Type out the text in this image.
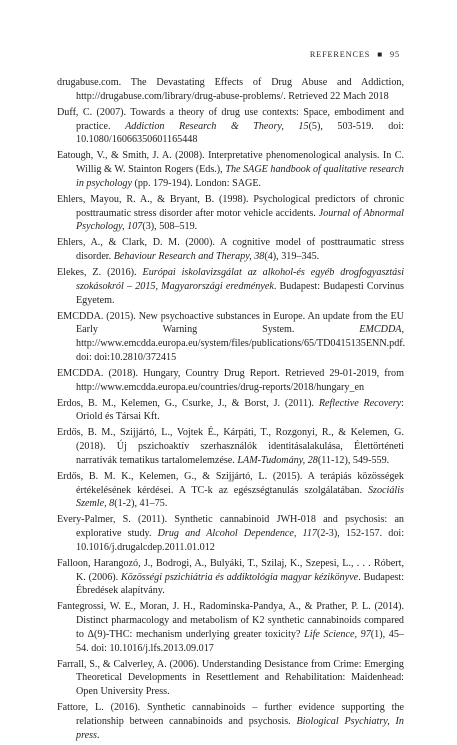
REFERENCES ■ 95

drugabuse.com. The Devastating Effects of Drug Abuse and Addiction, http://drugabuse.com/library/drug-abuse-problems/. Retrieved 22 Mach 2018

Duff, C. (2007). Towards a theory of drug use contexts: Space, embodiment and practice. Addiction Research & Theory, 15(5), 503-519. doi: 10.1080/16066350601165448

Eatough, V., & Smith, J. A. (2008). Interpretative phenomenological analysis. In C. Willig & W. Stainton Rogers (Eds.), The SAGE handbook of qualitative research in psychology (pp. 179-194). London: SAGE.

Ehlers, Mayou, R. A., & Bryant, B. (1998). Psychological predictors of chronic posttraumatic stress disorder after motor vehicle accidents. Journal of Abnormal Psychology, 107(3), 508–519.

Ehlers, A., & Clark, D. M. (2000). A cognitive model of posttraumatic stress disorder. Behaviour Research and Therapy, 38(4), 319–345.

Elekes, Z. (2016). Európai iskolavizsgálat az alkohol-és egyéb drogfogyasztási szokásokról – 2015, Magyarországi eredmények. Budapest: Budapesti Corvinus Egyetem.

EMCDDA. (2015). New psychoactive substances in Europe. An update from the EU Early Warning System. EMCDDA, http://www.emcdda.europa.eu/system/files/publications/65/TD0415135ENN.pdf. doi: doi:10.2810/372415

EMCDDA. (2018). Hungary, Country Drug Report. Retrieved 29-01-2019, from http://www.emcdda.europa.eu/countries/drug-reports/2018/hungary_en

Erdos, B. M., Kelemen, G., Csurke, J., & Borst, J. (2011). Reflective Recovery: Oriold és Társai Kft.

Erdős, B. M., Szijjártó, L., Vojtek É., Kárpáti, T., Rozgonyi, R., & Kelemen, G. (2018). Új pszichoaktív szerhasználók identitásalakulása, Élettörténeti narratívák tematikus tartalomelemzése. LAM-Tudomány, 28(11-12), 549-559.

Erdős, B. M. K., Kelemen, G., & Szijjártó, L. (2015). A terápiás közösségek értékelésének kérdései. A TC-k az egészségtanulás szolgálatában. Szociális Szemle, 8(1-2), 41–75.

Every-Palmer, S. (2011). Synthetic cannabinoid JWH-018 and psychosis: an explorative study. Drug and Alcohol Dependence, 117(2-3), 152-157. doi: 10.1016/j.drugalcdep.2011.01.012

Falloon, Harangozó, J., Bodrogi, A., Bulyáki, T., Szilaj, K., Szepesi, L., . . . Róbert, K. (2006). Közösségi pszichiátria és addiktológia magyar kézikönyve. Budapest: Ébredések alapítvány.

Fantegrossi, W. E., Moran, J. H., Radominska-Pandya, A., & Prather, P. L. (2014). Distinct pharmacology and metabolism of K2 synthetic cannabinoids compared to Δ(9)-THC: mechanism underlying greater toxicity? Life Science, 97(1), 45–54. doi: 10.1016/j.lfs.2013.09.017

Farrall, S., & Calverley, A. (2006). Understanding Desistance from Crime: Emerging Theoretical Developments in Resettlement and Rehabilitation: Maidenhead: Open University Press.

Fattore, L. (2016). Synthetic cannabinoids – further evidence supporting the relationship between cannabinoids and psychosis. Biological Psychiatry, In press.
